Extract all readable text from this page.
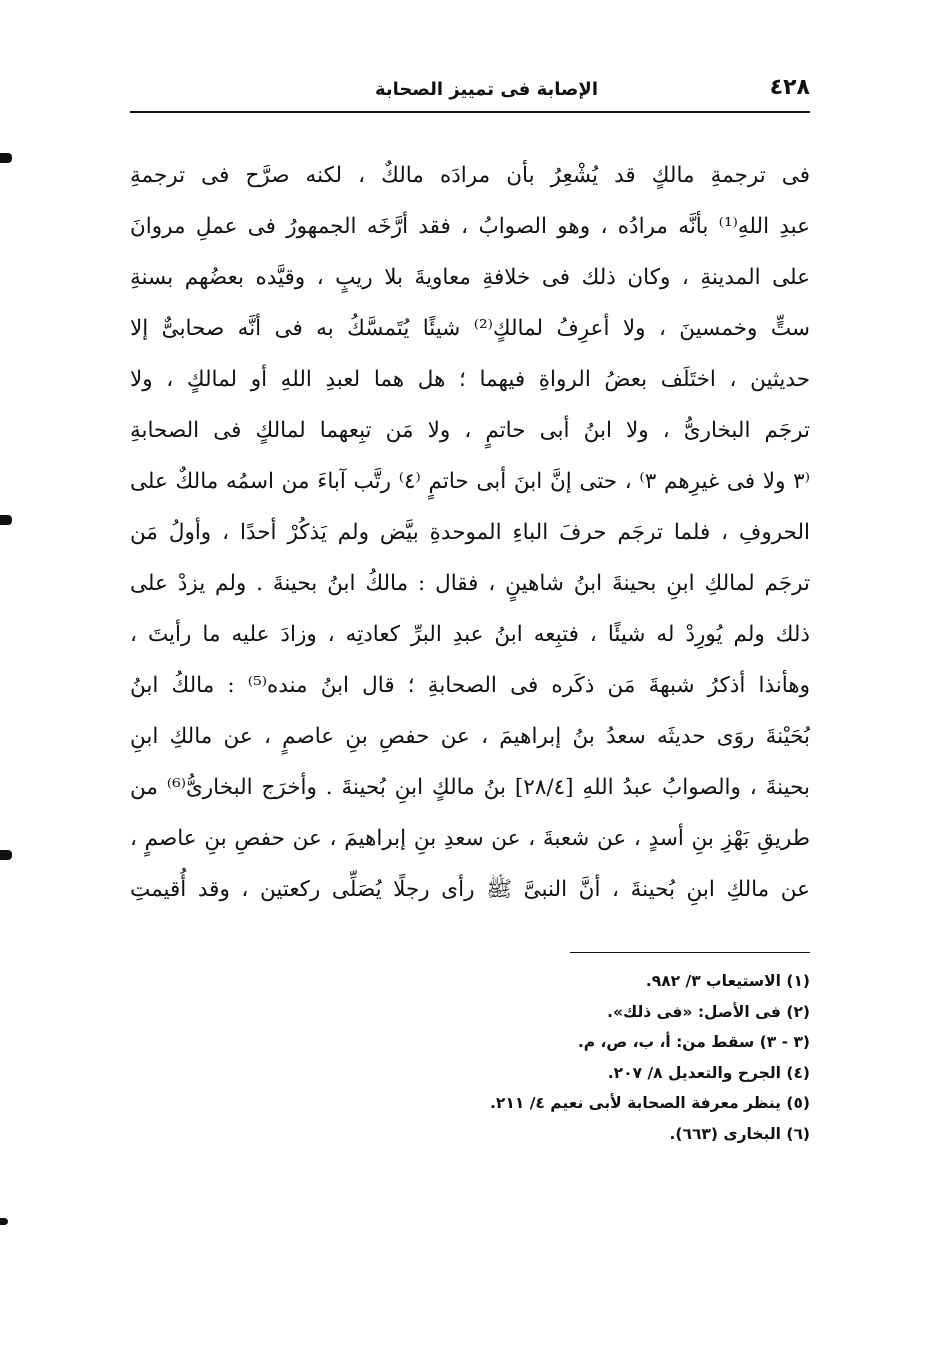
٤٢٨
الإصابة فى تمييز الصحابة
فى ترجمةِ مالكٍ قد يُشْعِرُ بأن مرادَه مالكٌ ، لكنه صرَّح فى ترجمةِ
عبدِ اللهِ⁽¹⁾ بأنَّه مرادُه ، وهو الصوابُ ، فقد أرَّخَه الجمهورُ فى عملِ مروانَ
على المدينةِ ، وكان ذلك فى خلافةِ معاويةَ بلا ريبٍ ، وقيَّده بعضُهم بسنةِ
ستٍّ وخمسينَ ، ولا أعرِفُ لمالكٍ⁽²⁾ شيئًا يُتَمسَّكُ به فى أنَّه صحابىٌّ إلا
حديثين ، اختَلَف بعضُ الرواةِ فيهما ؛ هل هما لعبدِ اللهِ أو لمالكٍ ، ولا
ترجَم البخارىُّ ، ولا ابنُ أبى حاتمٍ ، ولا مَن تبِعهما لمالكٍ فى الصحابةِ
⁽٣ ولا فى غيرِهم ٣⁾ ، حتى إنَّ ابنَ أبى حاتمٍ ⁽٤⁾ رتَّب آباءَ من اسمُه مالكٌ على
الحروفِ ، فلما ترجَم حرفَ الباءِ الموحدةِ بيَّض ولم يَذكُرْ أحدًا ، وأولُ مَن
ترجَم لمالكِ ابنِ بحينةَ ابنُ شاهينٍ ، فقال : مالكُ ابنُ بحينةَ . ولم يزدْ على
ذلك ولم يُورِدْ له شيئًا ، فتبِعه ابنُ عبدِ البرِّ كعادتِه ، وزادَ عليه ما رأيتَ ،
وهأنذا أذكرُ شبهةَ مَن ذكَره فى الصحابةِ ؛ قال ابنُ منده⁽⁵⁾ : مالكُ ابنُ
بُحَيْنةَ روَى حديثَه سعدُ بنُ إبراهيمَ ، عن حفصِ بنِ عاصمٍ ، عن مالكِ ابنِ
بحينةَ ، والصوابُ عبدُ اللهِ [٢٨/٤] بنُ مالكٍ ابنِ بُحينةَ . وأخرَج البخارىُّ⁽⁶⁾ من
طريقِ بَهْزِ بنِ أسدٍ ، عن شعبةَ ، عن سعدِ بنِ إبراهيمَ ، عن حفصِ بنِ عاصمٍ ،
عن مالكِ ابنِ بُحينةَ ، أنَّ النبىَّ ﷺ رأى رجلًا يُصَلِّى ركعتين ، وقد أُقيمتِ
(١) الاستيعاب ٣/ ٩٨٢.
(٢) فى الأصل: «فى ذلك».
(٣ - ٣) سقط من: أ، ب، ص، م.
(٤) الجرح والتعديل ٨/ ٢٠٧.
(٥) ينظر معرفة الصحابة لأبى نعيم ٤/ ٢١١.
(٦) البخارى (٦٦٣).
